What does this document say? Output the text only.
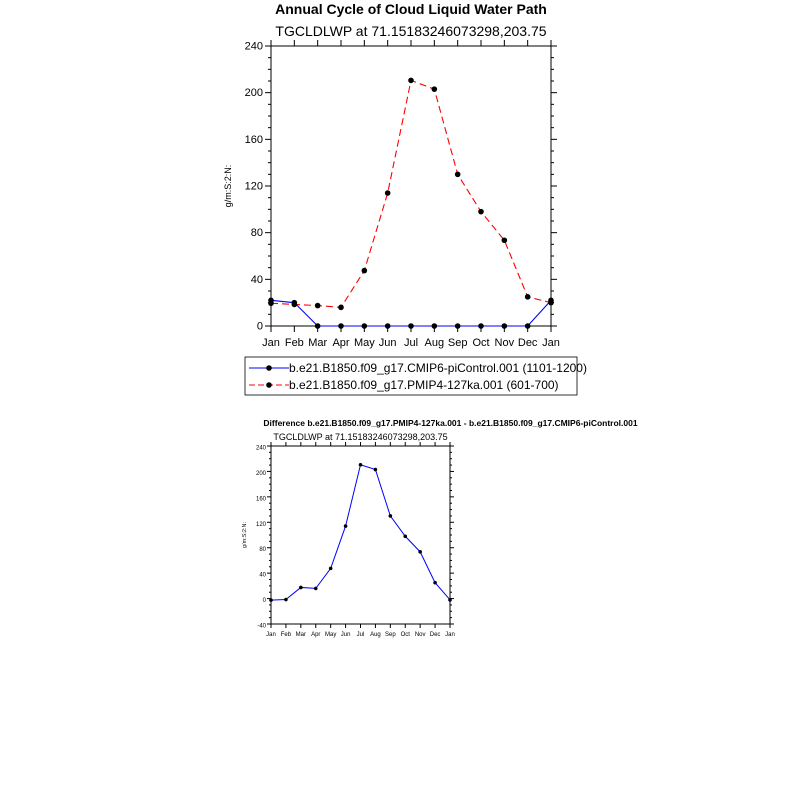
Annual Cycle of Cloud Liquid Water Path
TGCLDLWP at 71.15183246073298,203.75
0
40
80
120
160
200
240
Jan Feb Mar Apr May Jun Jul Aug Sep Oct Nov Dec Jan
g/m:S:2:N:
b.e21.B1850.f09_g17.CMIP6-piControl.001 (1101-1200)
b.e21.B1850.f09_g17.PMIP4-127ka.001 (601-700)
Difference b.e21.B1850.f09_g17.PMIP4-127ka.001 - b.e21.B1850.f09_g17.CMIP6-piControl.001
TGCLDLWP at 71.15183246073298,203.75
-40
0
40
80
120
160
200
240
Jan Feb Mar Apr May Jun Jul Aug Sep Oct Nov Dec Jan
g/m:S:2:N:
